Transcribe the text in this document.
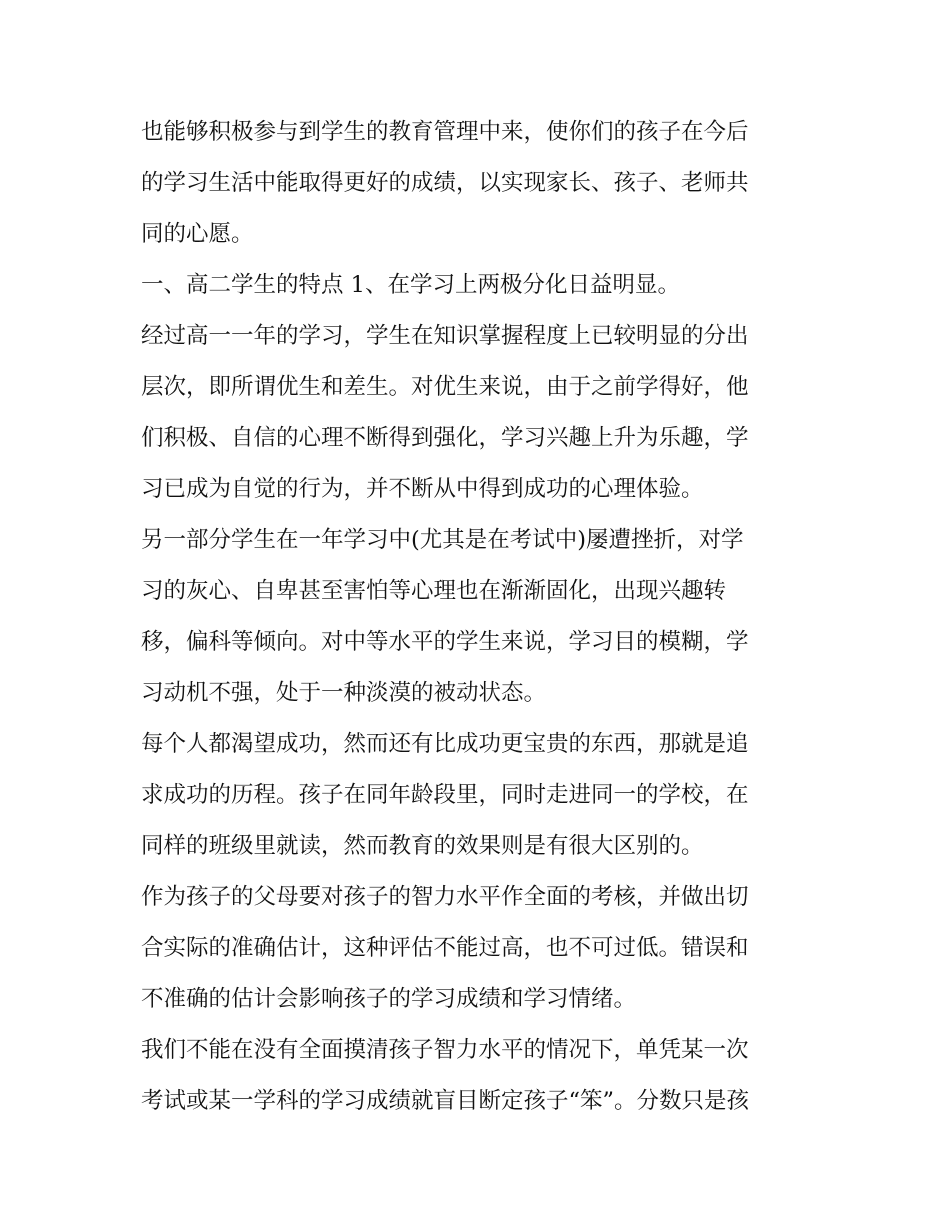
也能够积极参与到学生的教育管理中来，使你们的孩子在今后
的学习生活中能取得更好的成绩，以实现家长、孩子、老师共
同的心愿。
一、高二学生的特点 1、在学习上两极分化日益明显。
经过高一一年的学习，学生在知识掌握程度上已较明显的分出
层次，即所谓优生和差生。对优生来说，由于之前学得好，他
们积极、自信的心理不断得到强化，学习兴趣上升为乐趣，学
习已成为自觉的行为，并不断从中得到成功的心理体验。
另一部分学生在一年学习中(尤其是在考试中)屡遭挫折，对学
习的灰心、自卑甚至害怕等心理也在渐渐固化，出现兴趣转
移，偏科等倾向。对中等水平的学生来说，学习目的模糊，学
习动机不强，处于一种淡漠的被动状态。
每个人都渴望成功，然而还有比成功更宝贵的东西，那就是追
求成功的历程。孩子在同年龄段里，同时走进同一的学校，在
同样的班级里就读，然而教育的效果则是有很大区别的。
作为孩子的父母要对孩子的智力水平作全面的考核，并做出切
合实际的准确估计，这种评估不能过高，也不可过低。错误和
不准确的估计会影响孩子的学习成绩和学习情绪。
我们不能在没有全面摸清孩子智力水平的情况下，单凭某一次
考试或某一学科的学习成绩就盲目断定孩子“笨”。分数只是孩
